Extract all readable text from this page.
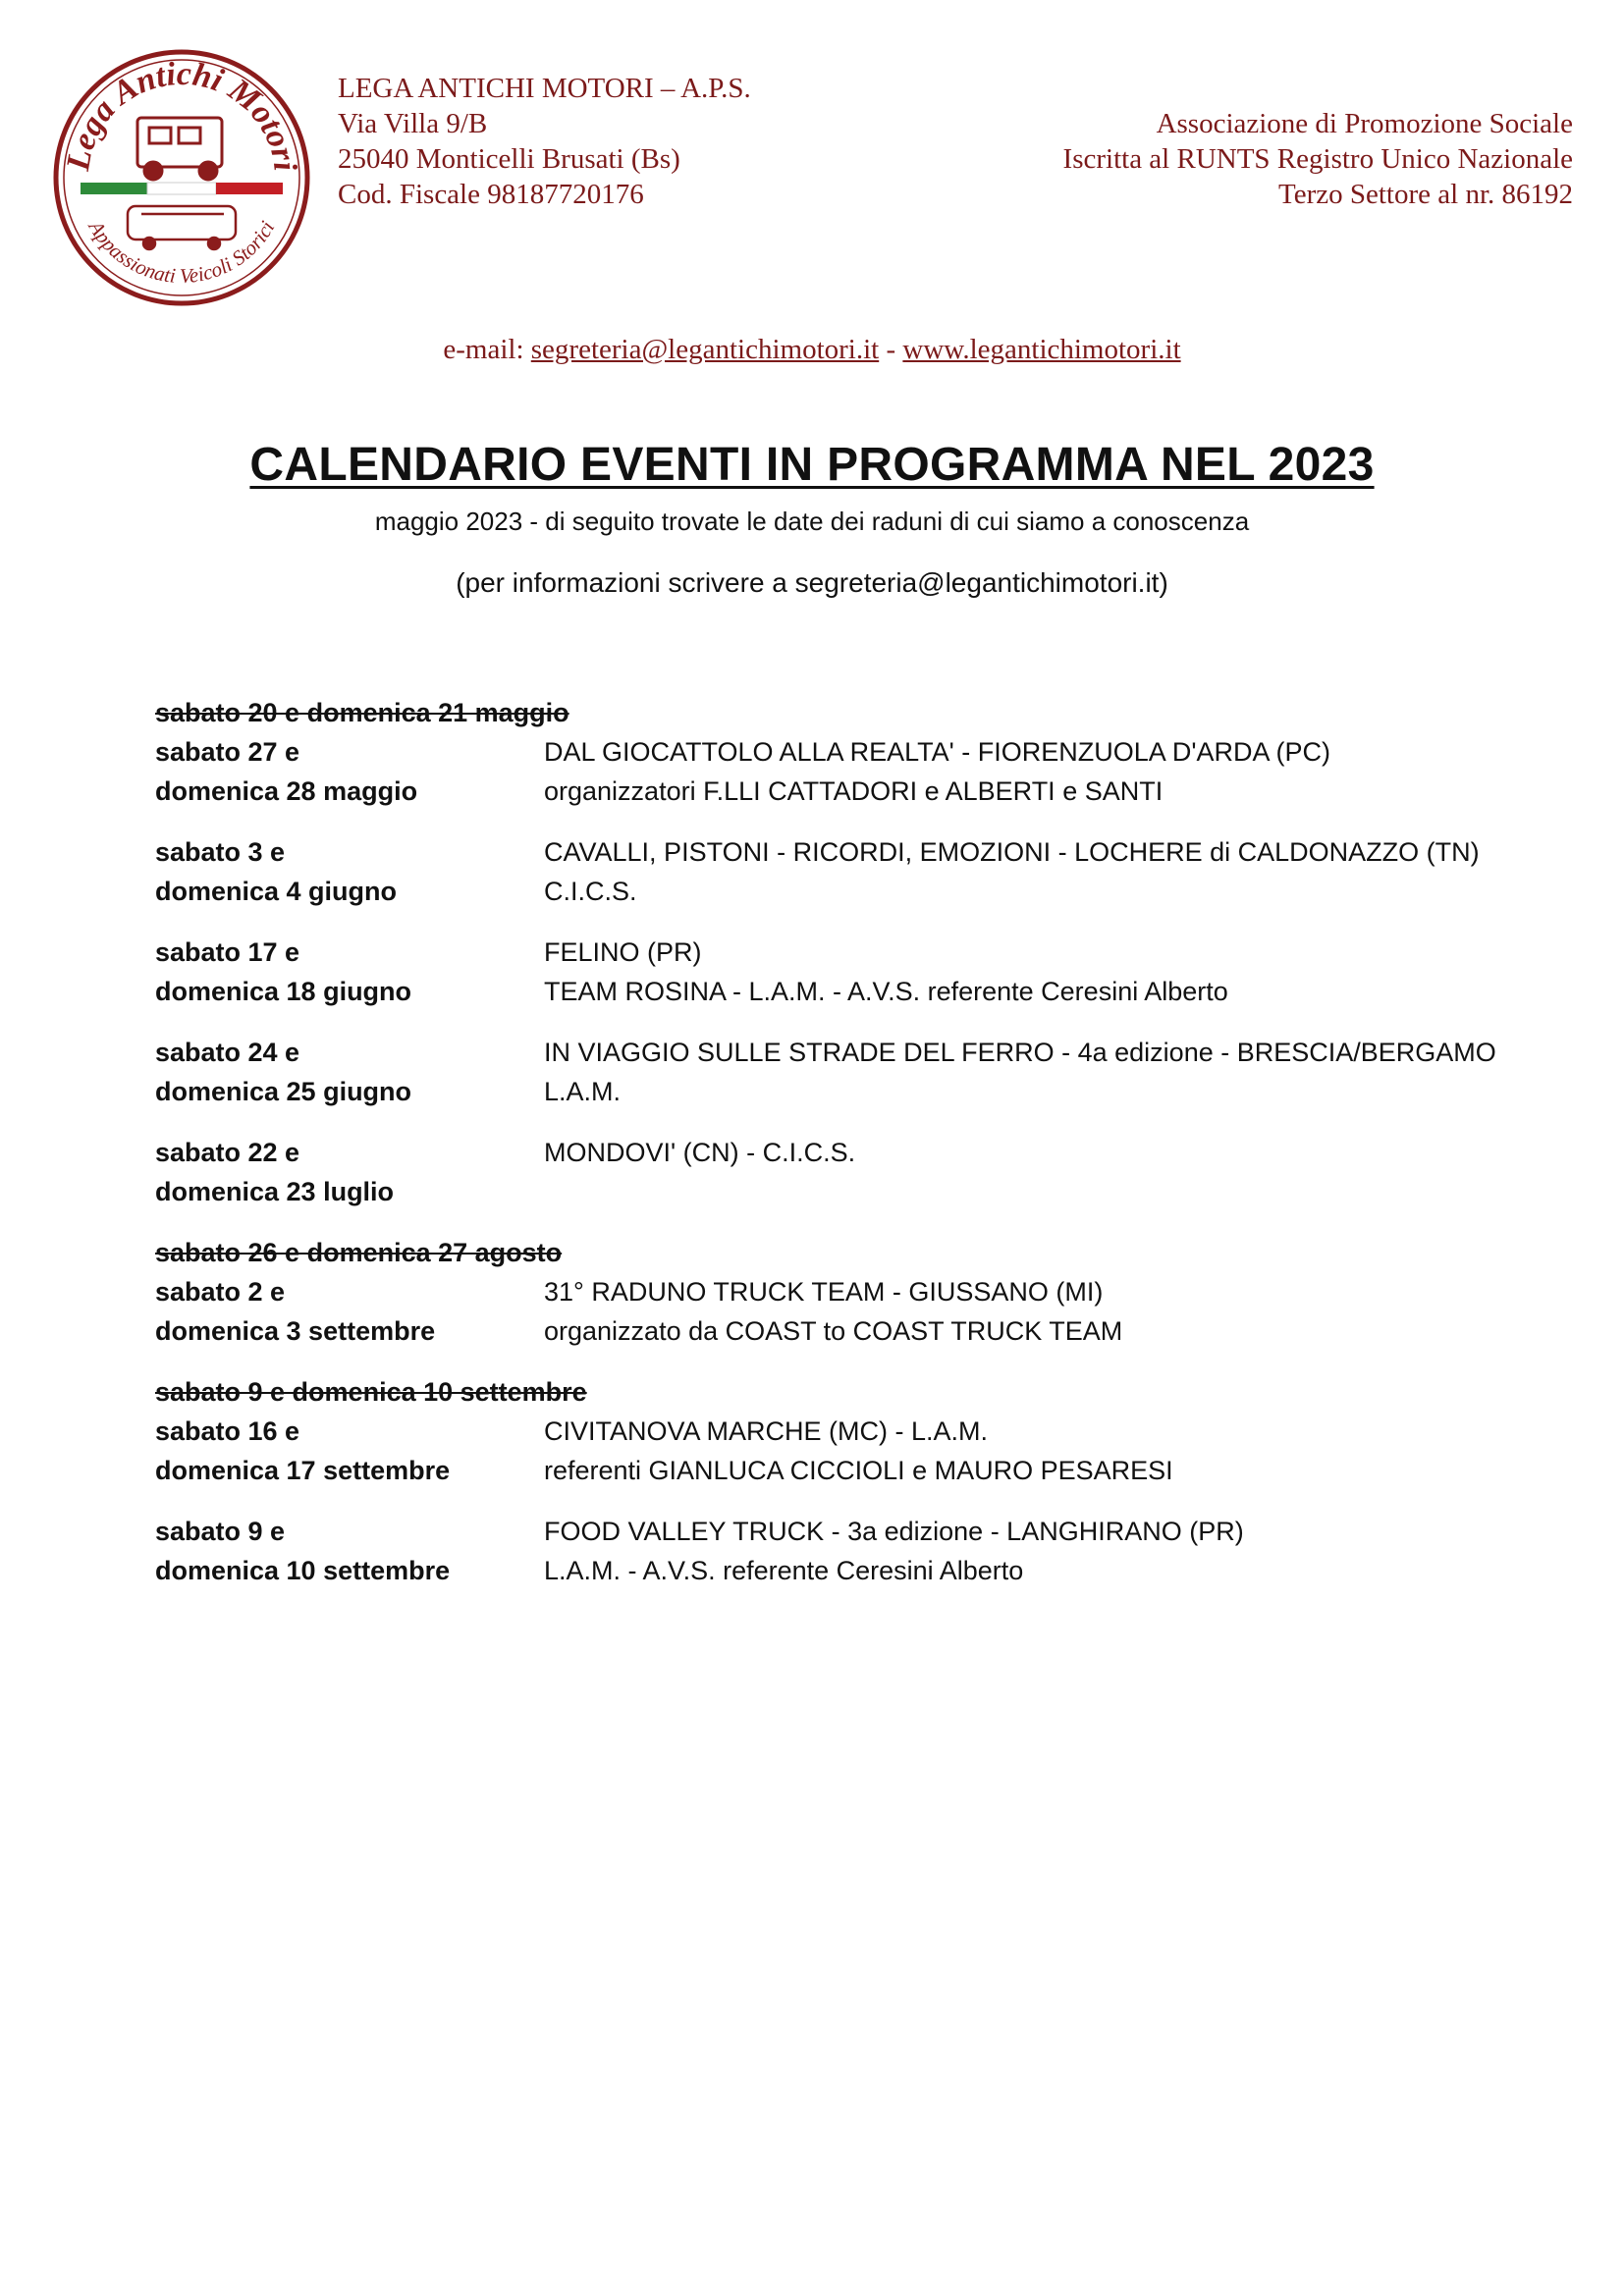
Lega Antichi Motori
Appassionati Veicoli Storici
LEGA ANTICHI MOTORI – A.P.S.
Via Villa 9/B
25040 Monticelli Brusati (Bs)
Cod. Fiscale 98187720176
Associazione di Promozione Sociale
Iscritta al RUNTS Registro Unico Nazionale
Terzo Settore al nr. 86192
e-mail: segreteria@legantichimotori.it - www.legantichimotori.it
CALENDARIO EVENTI IN PROGRAMMA NEL 2023
maggio 2023 - di seguito trovate le date dei raduni di cui siamo a conoscenza
(per informazioni scrivere a segreteria@legantichimotori.it)
sabato 20 e domenica 21 maggio
sabato 27 e
domenica 28 maggio
DAL GIOCATTOLO ALLA REALTA' - FIORENZUOLA D'ARDA (PC)
organizzatori F.LLI CATTADORI e ALBERTI e SANTI
sabato 3 e
domenica 4 giugno
CAVALLI, PISTONI - RICORDI, EMOZIONI - LOCHERE di CALDONAZZO (TN)
C.I.C.S.
sabato 17 e
domenica 18 giugno
FELINO (PR)
TEAM ROSINA - L.A.M. - A.V.S. referente Ceresini Alberto
sabato 24 e
domenica 25 giugno
IN VIAGGIO SULLE STRADE DEL FERRO - 4a edizione - BRESCIA/BERGAMO
L.A.M.
sabato 22 e
domenica 23 luglio
MONDOVI' (CN) - C.I.C.S.
sabato 26 e domenica 27 agosto
sabato 2 e
domenica 3 settembre
31° RADUNO TRUCK TEAM - GIUSSANO (MI)
organizzato da COAST to COAST TRUCK TEAM
sabato 9 e domenica 10 settembre
sabato 16 e
domenica 17 settembre
CIVITANOVA MARCHE (MC) - L.A.M.
referenti GIANLUCA CICCIOLI e MAURO PESARESI
sabato 9 e
domenica 10 settembre
FOOD VALLEY TRUCK - 3a edizione - LANGHIRANO (PR)
L.A.M. - A.V.S. referente Ceresini Alberto
